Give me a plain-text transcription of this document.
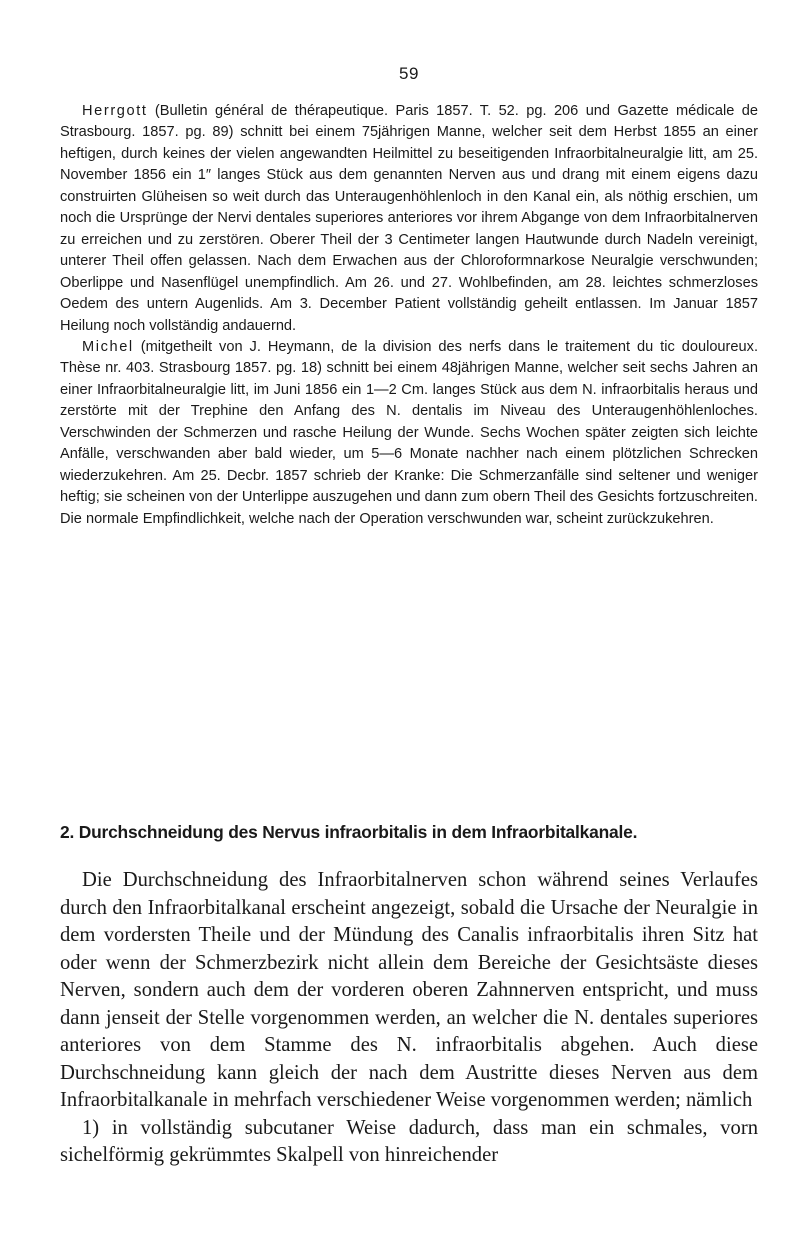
59

Herrgott (Bulletin général de thérapeutique. Paris 1857. T. 52. pg. 206 und Gazette médicale de Strasbourg. 1857. pg. 89) schnitt bei einem 75jährigen Manne, welcher seit dem Herbst 1855 an einer heftigen, durch keines der vielen angewandten Heilmittel zu beseitigenden Infraorbitalneuralgie litt, am 25. November 1856 ein 1″ langes Stück aus dem genannten Nerven aus und drang mit einem eigens dazu construirten Glüheisen so weit durch das Unteraugenhöhlenloch in den Kanal ein, als nöthig erschien, um noch die Ursprünge der Nervi dentales superiores anteriores vor ihrem Abgange von dem Infraorbitalnerven zu erreichen und zu zerstören. Oberer Theil der 3 Centimeter langen Hautwunde durch Nadeln vereinigt, unterer Theil offen gelassen. Nach dem Erwachen aus der Chloroformnarkose Neuralgie verschwunden; Oberlippe und Nasenflügel unempfindlich. Am 26. und 27. Wohlbefinden, am 28. leichtes schmerzloses Oedem des untern Augenlids. Am 3. December Patient vollständig geheilt entlassen. Im Januar 1857 Heilung noch vollständig andauernd.

Michel (mitgetheilt von J. Heymann, de la division des nerfs dans le traitement du tic douloureux. Thèse nr. 403. Strasbourg 1857. pg. 18) schnitt bei einem 48jährigen Manne, welcher seit sechs Jahren an einer Infraorbitalneuralgie litt, im Juni 1856 ein 1—2 Cm. langes Stück aus dem N. infraorbitalis heraus und zerstörte mit der Trephine den Anfang des N. dentalis im Niveau des Unteraugenhöhlenloches. Verschwinden der Schmerzen und rasche Heilung der Wunde. Sechs Wochen später zeigten sich leichte Anfälle, verschwanden aber bald wieder, um 5—6 Monate nachher nach einem plötzlichen Schrecken wiederzukehren. Am 25. Decbr. 1857 schrieb der Kranke: Die Schmerzanfälle sind seltener und weniger heftig; sie scheinen von der Unterlippe auszugehen und dann zum obern Theil des Gesichts fortzuschreiten. Die normale Empfindlichkeit, welche nach der Operation verschwunden war, scheint zurückzukehren.

2. Durchschneidung des Nervus infraorbitalis in dem Infraorbitalkanale.

Die Durchschneidung des Infraorbitalnerven schon während seines Verlaufes durch den Infraorbitalkanal erscheint angezeigt, sobald die Ursache der Neuralgie in dem vordersten Theile und der Mündung des Canalis infraorbitalis ihren Sitz hat oder wenn der Schmerzbezirk nicht allein dem Bereiche der Gesichtsäste dieses Nerven, sondern auch dem der vorderen oberen Zahnnerven entspricht, und muss dann jenseit der Stelle vorgenommen werden, an welcher die N. dentales superiores anteriores von dem Stamme des N. infraorbitalis abgehen. Auch diese Durchschneidung kann gleich der nach dem Austritte dieses Nerven aus dem Infraorbitalkanale in mehrfach verschiedener Weise vorgenommen werden; nämlich

1) in vollständig subcutaner Weise dadurch, dass man ein schmales, vorn sichelförmig gekrümmtes Skalpell von hinreichender
